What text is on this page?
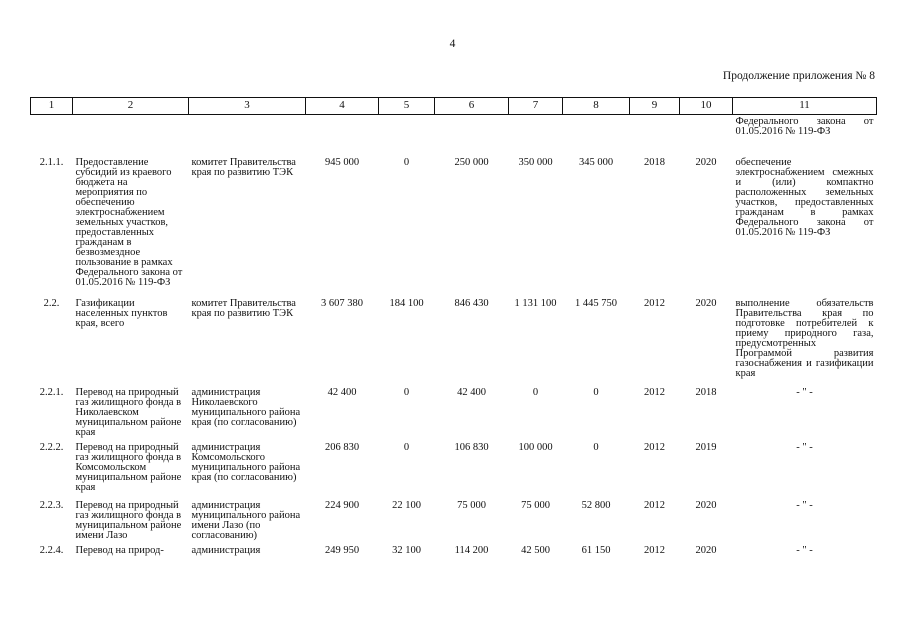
4
Продолжение приложения № 8
1	2	3	4	5	6	7	8	9	10	11
										Федерального закона от 01.05.2016 № 119-ФЗ
2.1.1.	Предоставление субсидий из краевого бюджета на мероприятия по обеспечению электроснабжением земельных участков, предоставленных гражданам в безвозмездное пользование в рамках Федерального закона от 01.05.2016 № 119-ФЗ	комитет Правительства края по развитию ТЭК	945 000	0	250 000	350 000	345 000	2018	2020	обеспечение электроснабжением смежных и (или) компактно расположенных земельных участков, предоставленных гражданам в рамках Федерального закона от 01.05.2016 № 119-ФЗ
2.2.	Газификации населенных пунктов края, всего	комитет Правительства края по развитию ТЭК	3 607 380	184 100	846 430	1 131 100	1 445 750	2012	2020	выполнение обязательств Правительства края по подготовке потребителей к приему природного газа, предусмотренных Программой развития газоснабжения и газификации края
2.2.1.	Перевод на природный газ жилищного фонда в Николаевском муниципальном районе края	администрация Николаевского муниципального района края (по согласованию)	42 400	0	42 400	0	0	2012	2018	- " -
2.2.2.	Перевод на природный газ жилищного фонда в Комсомольском муниципальном районе края	администрация Комсомольского муниципального района края (по согласованию)	206 830	0	106 830	100 000	0	2012	2019	- " -
2.2.3.	Перевод на природный газ жилищного фонда в муниципальном районе имени Лазо	администрация муниципального района имени Лазо (по согласованию)	224 900	22 100	75 000	75 000	52 800	2012	2020	- " -
2.2.4.	Перевод на природ-	администрация	249 950	32 100	114 200	42 500	61 150	2012	2020	- " -
